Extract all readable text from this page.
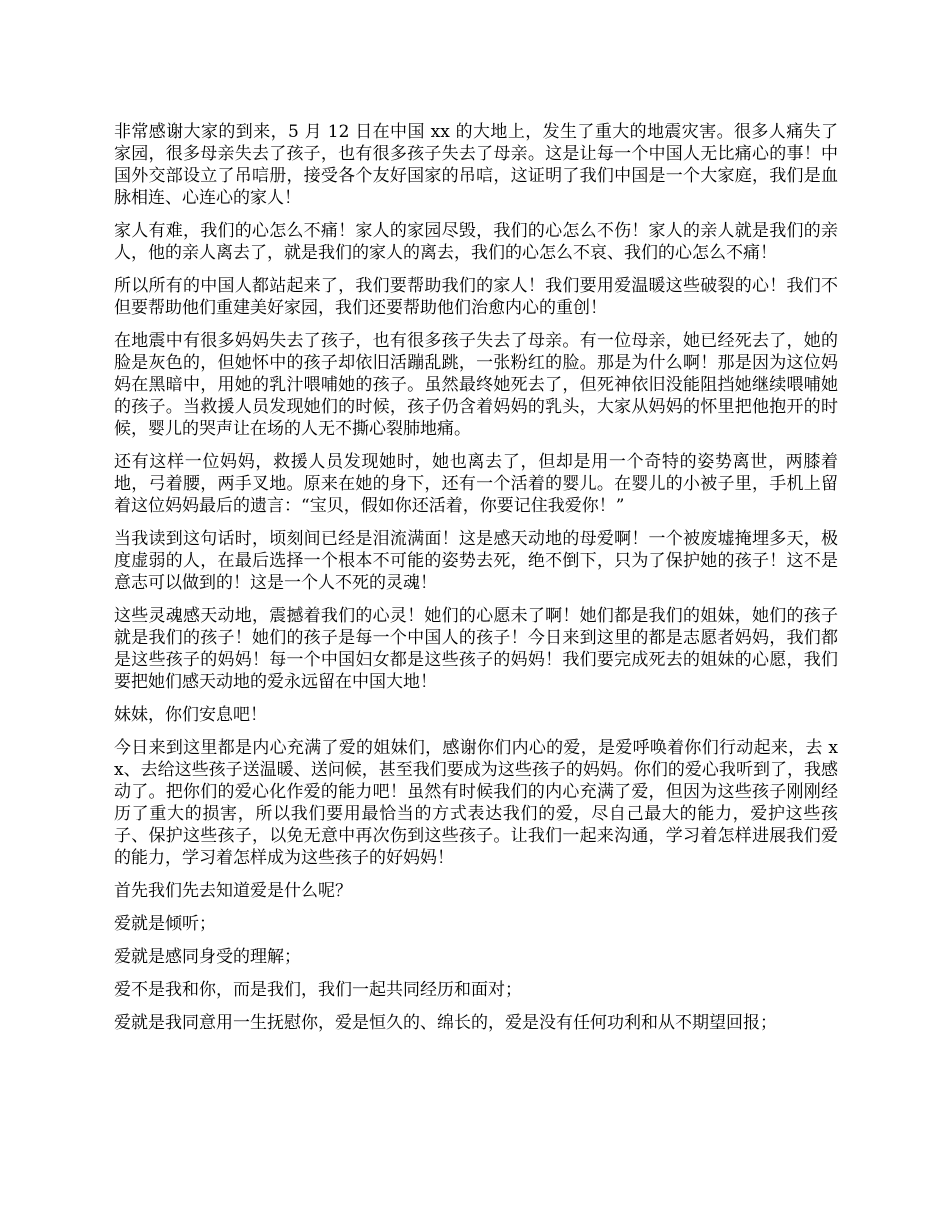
非常感谢大家的到来，5 月 12 日在中国 xx 的大地上，发生了重大的地震灾害。很多人痛失了家园，很多母亲失去了孩子，也有很多孩子失去了母亲。这是让每一个中国人无比痛心的事！中国外交部设立了吊唁册，接受各个友好国家的吊唁，这证明了我们中国是一个大家庭，我们是血脉相连、心连心的家人！

家人有难，我们的心怎么不痛！家人的家园尽毁，我们的心怎么不伤！家人的亲人就是我们的亲人，他的亲人离去了，就是我们的家人的离去，我们的心怎么不哀、我们的心怎么不痛！

所以所有的中国人都站起来了，我们要帮助我们的家人！我们要用爱温暖这些破裂的心！我们不但要帮助他们重建美好家园，我们还要帮助他们治愈内心的重创！

在地震中有很多妈妈失去了孩子，也有很多孩子失去了母亲。有一位母亲，她已经死去了，她的脸是灰色的，但她怀中的孩子却依旧活蹦乱跳，一张粉红的脸。那是为什么啊！那是因为这位妈妈在黑暗中，用她的乳汁喂哺她的孩子。虽然最终她死去了，但死神依旧没能阻挡她继续喂哺她的孩子。当救援人员发现她们的时候，孩子仍含着妈妈的乳头，大家从妈妈的怀里把他抱开的时候，婴儿的哭声让在场的人无不撕心裂肺地痛。

还有这样一位妈妈，救援人员发现她时，她也离去了，但却是用一个奇特的姿势离世，两膝着地，弓着腰，两手叉地。原来在她的身下，还有一个活着的婴儿。在婴儿的小被子里，手机上留着这位妈妈最后的遗言：“宝贝，假如你还活着，你要记住我爱你！”

当我读到这句话时，顷刻间已经是泪流满面！这是感天动地的母爱啊！一个被废墟掩埋多天，极度虚弱的人，在最后选择一个根本不可能的姿势去死，绝不倒下，只为了保护她的孩子！这不是意志可以做到的！这是一个人不死的灵魂！

这些灵魂感天动地，震撼着我们的心灵！她们的心愿未了啊！她们都是我们的姐妹，她们的孩子就是我们的孩子！她们的孩子是每一个中国人的孩子！今日来到这里的都是志愿者妈妈，我们都是这些孩子的妈妈！每一个中国妇女都是这些孩子的妈妈！我们要完成死去的姐妹的心愿，我们要把她们感天动地的爱永远留在中国大地！

妹妹，你们安息吧！

今日来到这里都是内心充满了爱的姐妹们，感谢你们内心的爱，是爱呼唤着你们行动起来，去 xx、去给这些孩子送温暖、送问候，甚至我们要成为这些孩子的妈妈。你们的爱心我听到了，我感动了。把你们的爱心化作爱的能力吧！虽然有时候我们的内心充满了爱，但因为这些孩子刚刚经历了重大的损害，所以我们要用最恰当的方式表达我们的爱，尽自己最大的能力，爱护这些孩子、保护这些孩子，以免无意中再次伤到这些孩子。让我们一起来沟通，学习着怎样进展我们爱的能力，学习着怎样成为这些孩子的好妈妈！

首先我们先去知道爱是什么呢？

爱就是倾听；

爱就是感同身受的理解；

爱不是我和你，而是我们，我们一起共同经历和面对；

爱就是我同意用一生抚慰你，爱是恒久的、绵长的，爱是没有任何功利和从不期望回报；
